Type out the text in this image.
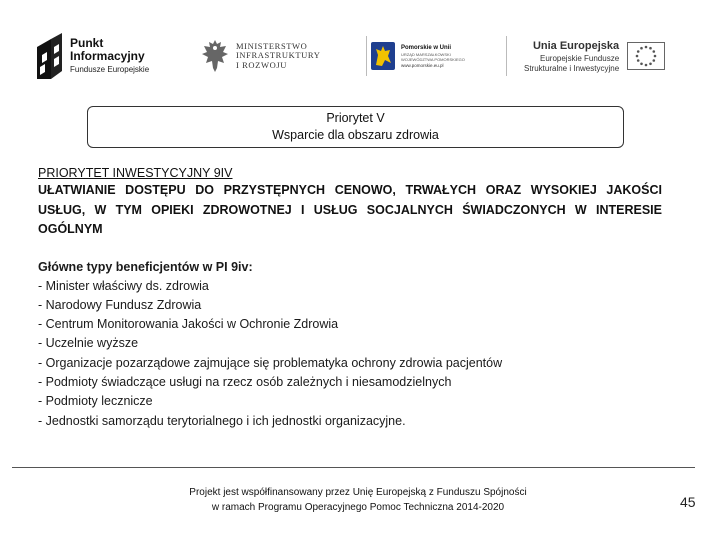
Punkt
Informacyjny
Fundusze Europejskie
MINISTERSTWO
INFRASTRUKTURY
I ROZWOJU
Pomorskie w Unii
URZĄD MARSZAŁKOWSKI
WOJEWÓDZTWA POMORSKIEGO
www.pomorskie.eu.pl
Unia Europejska
Europejskie Fundusze
Strukturalne i Inwestycyjne
Priorytet V
Wsparcie dla obszaru zdrowia
PRIORYTET INWESTYCYJNY 9IV
UŁATWIANIE DOSTĘPU DO PRZYSTĘPNYCH CENOWO, TRWAŁYCH ORAZ WYSOKIEJ JAKOŚCI USŁUG, W TYM OPIEKI ZDROWOTNEJ I USŁUG SOCJALNYCH ŚWIADCZONYCH W INTERESIE OGÓLNYM
Główne typy beneficjentów w PI 9iv:
- Minister właściwy ds. zdrowia
- Narodowy Fundusz Zdrowia
- Centrum Monitorowania Jakości w Ochronie Zdrowia
- Uczelnie wyższe
- Organizacje pozarządowe zajmujące się problematyka ochrony zdrowia pacjentów
- Podmioty świadczące usługi na rzecz osób zależnych i niesamodzielnych
- Podmioty lecznicze
- Jednostki samorządu terytorialnego i ich jednostki organizacyjne.
Projekt jest współfinansowany przez Unię Europejską z Funduszu Spójności
w ramach Programu Operacyjnego Pomoc Techniczna 2014-2020	45
